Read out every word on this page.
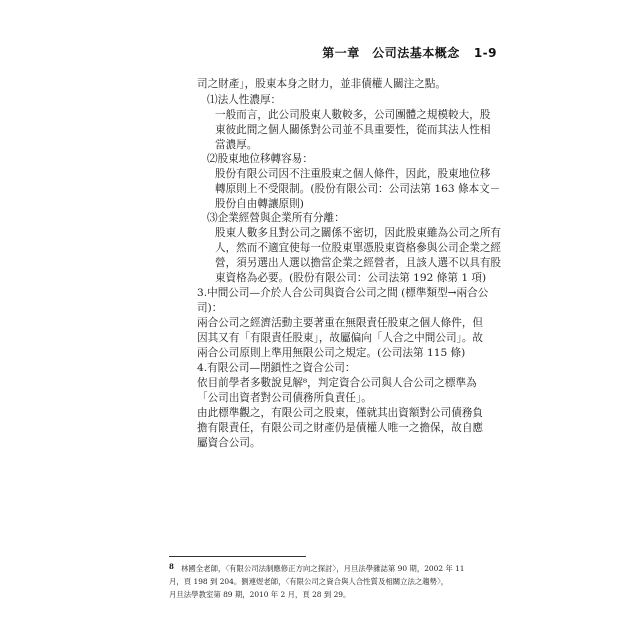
第一章　公司法基本概念 1-9
司之財產」，股東本身之財力，並非債權人關注之點。
⑴法人性濃厚：
一般而言，此公司股東人數較多，公司團體之規模較大，股
東彼此間之個人關係對公司並不具重要性，從而其法人性相
當濃厚。
⑵股東地位移轉容易：
股份有限公司因不注重股東之個人條件，因此，股東地位移
轉原則上不受限制。(股份有限公司：公司法第 163 條本文－
股份自由轉讓原則)
⑶企業經營與企業所有分離：
股東人數多且對公司之關係不密切，因此股東雖為公司之所有
人，然而不適宜使每一位股東單憑股東資格參與公司企業之經
營，須另選出人選以擔當企業之經營者，且該人選不以具有股
東資格為必要。(股份有限公司：公司法第 192 條第 1 項)
3.中間公司—介於人合公司與資合公司之間 (標準類型→兩合公
司)：
兩合公司之經濟活動主要著重在無限責任股東之個人條件，但
因其又有「有限責任股東」，故屬偏向「人合之中間公司」。故
兩合公司原則上準用無限公司之規定。(公司法第 115 條)
4.有限公司—閉鎖性之資合公司：
依目前學者多數說見解⁸，判定資合公司與人合公司之標準為
「公司出資者對公司債務所負責任」。
由此標準觀之，有限公司之股東，僅就其出資額對公司債務負
擔有限責任，有限公司之財產仍是債權人唯一之擔保，故自應
屬資合公司。
8 林國全老師，〈有限公司法制應修正方向之探討〉，月旦法學雜誌第 90 期，2002 年 11
月，頁 198 到 204。劉連煜老師，〈有限公司之資合與人合性質及相關立法之趨勢〉，
月旦法學教室第 89 期，2010 年 2 月，頁 28 到 29。
